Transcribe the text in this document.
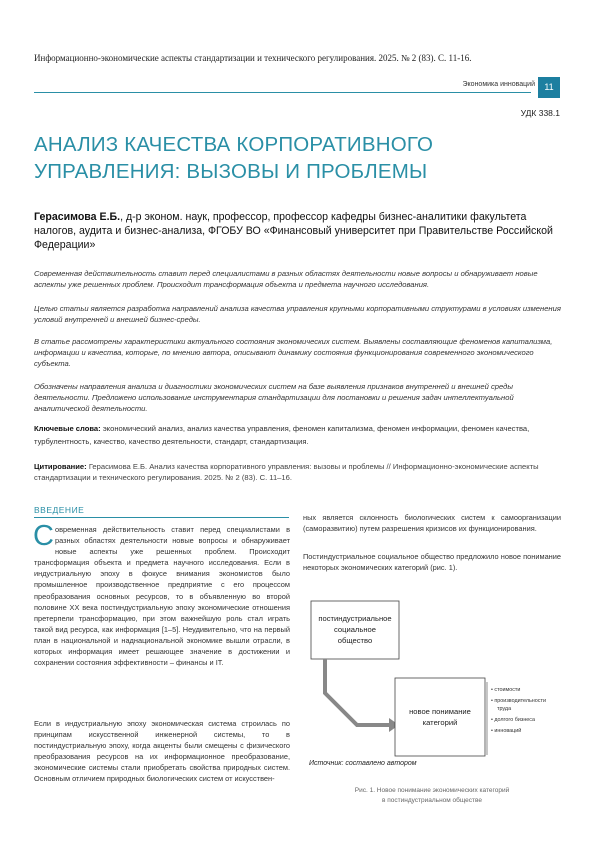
Информационно-экономические аспекты стандартизации и технического регулирования. 2025. № 2 (83). С. 11-16.
Экономика инноваций	11
УДК 338.1
АНАЛИЗ КАЧЕСТВА КОРПОРАТИВНОГО
УПРАВЛЕНИЯ: ВЫЗОВЫ И ПРОБЛЕМЫ
Герасимова Е.Б., д-р эконом. наук, профессор, профессор кафедры бизнес-аналитики факультета налогов, аудита и бизнес-анализа, ФГОБУ ВО «Финансовый университет при Правительстве Российской Федерации»
Современная действительность ставит перед специалистами в разных областях деятельности новые вопросы и обнаруживает новые аспекты уже решенных проблем. Происходит трансформация объекта и предмета научного исследования.
Целью статьи является разработка направлений анализа качества управления крупными корпоративными структурами в условиях изменения условий внутренней и внешней бизнес-среды.
В статье рассмотрены характеристики актуального состояния экономических систем. Выявлены составляющие феноменов капитализма, информации и качества, которые, по мнению автора, описывают динамику состояния функционирования современного экономического субъекта.
Обозначены направления анализа и диагностики экономических систем на базе выявления признаков внутренней и внешней среды деятельности. Предложено использование инструментария стандартизации для постановки и решения задач интеллектуальной аналитической деятельности.
Ключевые слова: экономический анализ, анализ качества управления, феномен капитализма, феномен информации, феномен качества, турбулентность, качество, качество деятельности, стандарт, стандартизация.
Цитирование: Герасимова Е.Б. Анализ качества корпоративного управления: вызовы и проблемы // Информационно-экономические аспекты стандартизации и технического регулирования. 2025. № 2 (83). С. 11–16.
ВВЕДЕНИЕ
Современная действительность ставит перед специалистами в разных областях деятельности новые вопросы и обнаруживает новые аспекты уже решенных проблем. Происходит трансформация объекта и предмета научного исследования. Если в индустриальную эпоху в фокусе внимания экономистов было промышленное производственное предприятие с его процессом преобразования основных ресурсов, то в объявленную во второй половине XX века постиндустриальную эпоху экономические отношения претерпели трансформацию, при этом важнейшую роль стал играть такой вид ресурса, как информация [1–5]. Неудивительно, что на первый план в национальной и наднациональной экономике вышли отрасли, в которых информация имеет решающее значение в достижении и сохранении состояния эффективности – финансы и IT.
Если в индустриальную эпоху экономическая система строилась по принципам искусственной инженерной системы, то в постиндустриальную эпоху, когда акценты были смещены с физического преобразования ресурсов на их информационное преобразование, экономические системы стали приобретать свойства природных систем. Основным отличием природных биологических систем от искусствен-
ных является склонность биологических систем к самоорганизации (саморазвитию) путем разрешения кризисов их функционирования.
Постиндустриальное социальное общество предложило новое понимание некоторых экономических категорий (рис. 1).
постиндустриальное
социальное
общество
новое понимание
категорий
• стоимости
• производительности
труда
• долгого бизнеса
• инноваций
Источник: составлено автором
Рис. 1. Новое понимание экономических категорий
в постиндустриальном обществе
